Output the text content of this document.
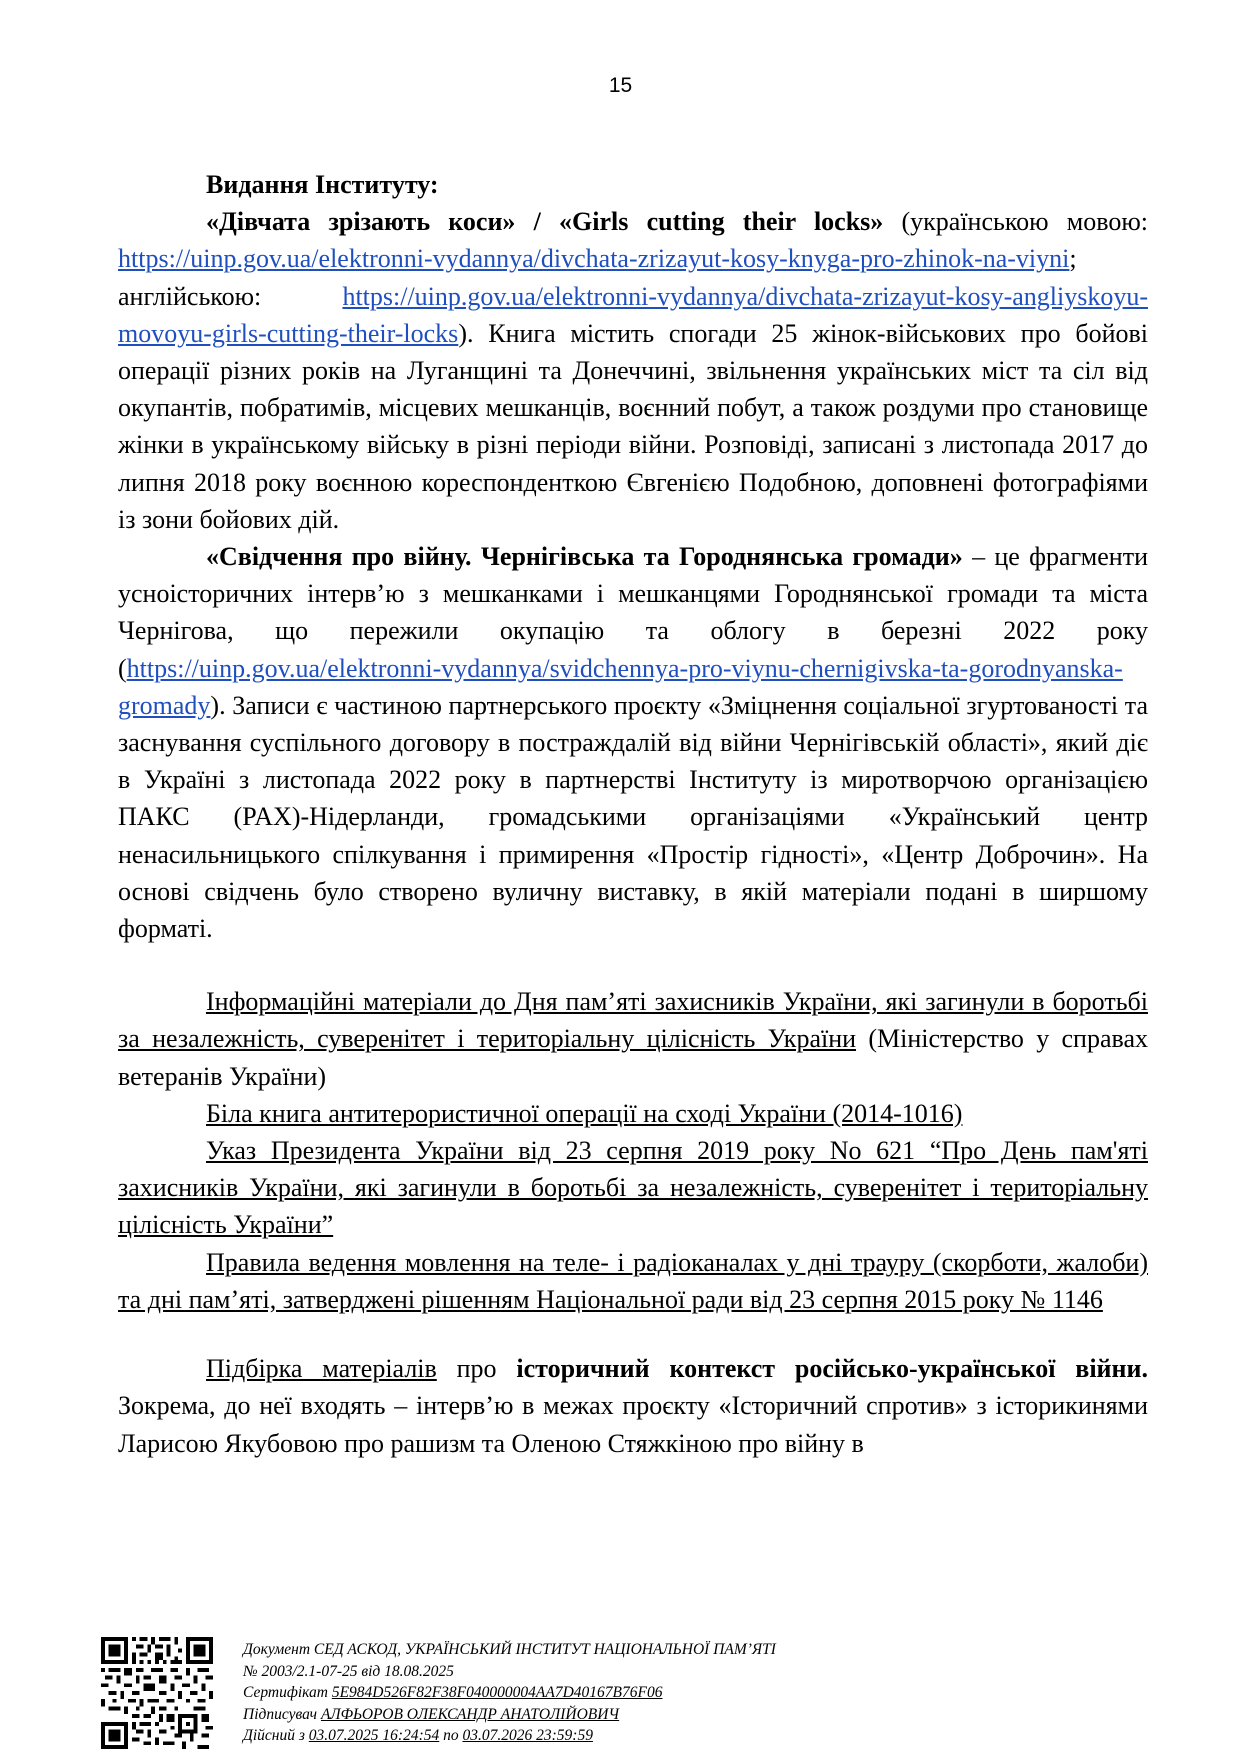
15

Видання Інституту:

«Дівчата зрізають коси» / «Girls cutting their locks» (українською мовою: https://uinp.gov.ua/elektronni-vydannya/divchata-zrizayut-kosy-knyga-pro-zhinok-na-viyni; англійською: https://uinp.gov.ua/elektronni-vydannya/divchata-zrizayut-kosy-angliyskoyu-movoyu-girls-cutting-their-locks). Книга містить спогади 25 жінок-військових про бойові операції різних років на Луганщині та Донеччині, звільнення українських міст та сіл від окупантів, побратимів, місцевих мешканців, воєнний побут, а також роздуми про становище жінки в українському війську в різні періоди війни. Розповіді, записані з листопада 2017 до липня 2018 року воєнною кореспонденткою Євгенією Подобною, доповнені фотографіями із зони бойових дій.

«Свідчення про війну. Чернігівська та Городнянська громади» – це фрагменти усноісторичних інтерв’ю з мешканками і мешканцями Городнянської громади та міста Чернігова, що пережили окупацію та облогу в березні 2022 року (https://uinp.gov.ua/elektronni-vydannya/svidchennya-pro-viynu-chernigivska-ta-gorodnyanska-gromady). Записи є частиною партнерського проєкту «Зміцнення соціальної згуртованості та заснування суспільного договору в постраждалій від війни Чернігівській області», який діє в Україні з листопада 2022 року в партнерстві Інституту із миротворчою організацією ПАКС (PAX)-Нідерланди, громадськими організаціями «Український центр ненасильницького спілкування і примирення «Простір гідності», «Центр Доброчин». На основі свідчень було створено вуличну виставку, в якій матеріали подані в ширшому форматі.

Інформаційні матеріали до Дня пам’яті захисників України, які загинули в боротьбі за незалежність, суверенітет і територіальну цілісність України (Міністерство у справах ветеранів України)

Біла книга антитерористичної операції на сході України (2014-1016)

Указ Президента України від 23 серпня 2019 року No 621 “Про День пам'яті захисників України, які загинули в боротьбі за незалежність, суверенітет і територіальну цілісність України”

Правила ведення мовлення на теле- і радіоканалах у дні трауру (скорботи, жалоби) та дні пам’яті, затверджені рішенням Національної ради від 23 серпня 2015 року № 1146

Підбірка матеріалів про історичний контекст російсько-української війни. Зокрема, до неї входять – інтерв’ю в межах проєкту «Історичний спротив» з історикинями Ларисою Якубовою про рашизм та Оленою Стяжкіною про війну в

Документ СЕД АСКОД, УКРАЇНСЬКИЙ ІНСТИТУТ НАЦІОНАЛЬНОЇ ПАМ’ЯТІ
№ 2003/2.1-07-25 від 18.08.2025
Сертифікат 5E984D526F82F38F040000004AA7D40167B76F06
Підписувач АЛФЬОРОВ ОЛЕКСАНДР АНАТОЛІЙОВИЧ
Дійсний з 03.07.2025 16:24:54 по 03.07.2026 23:59:59
